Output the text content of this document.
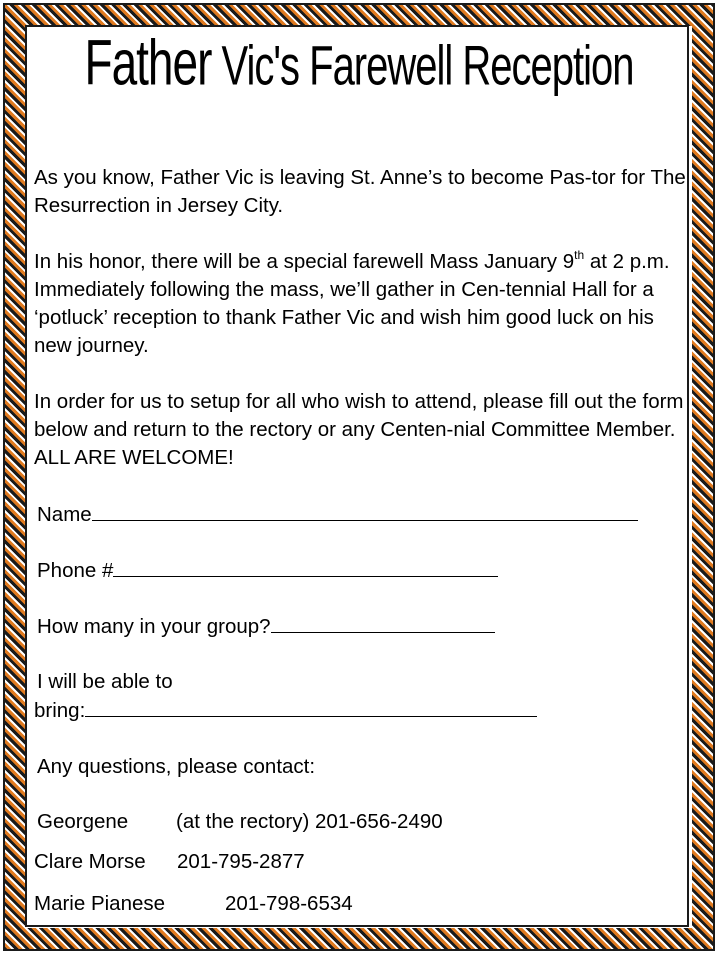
Father Vic's Farewell Reception

As you know, Father Vic is leaving St. Anne’s to become Pas-tor for The Resurrection in Jersey City.

In his honor, there will be a special farewell Mass January 9th at 2 p.m. Immediately following the mass, we’ll gather in Cen-tennial Hall for a ‘potluck’ reception to thank Father Vic and wish him good luck on his new journey.

In order for us to setup for all who wish to attend, please fill out the form below and return to the rectory or any Centen-nial Committee Member. ALL ARE WELCOME!

Name
Phone #
How many in your group?
I will be able to
bring:
Any questions, please contact:
Georgene (at the rectory) 201-656-2490
Clare Morse 201-795-2877
Marie Pianese	201-798-6534
